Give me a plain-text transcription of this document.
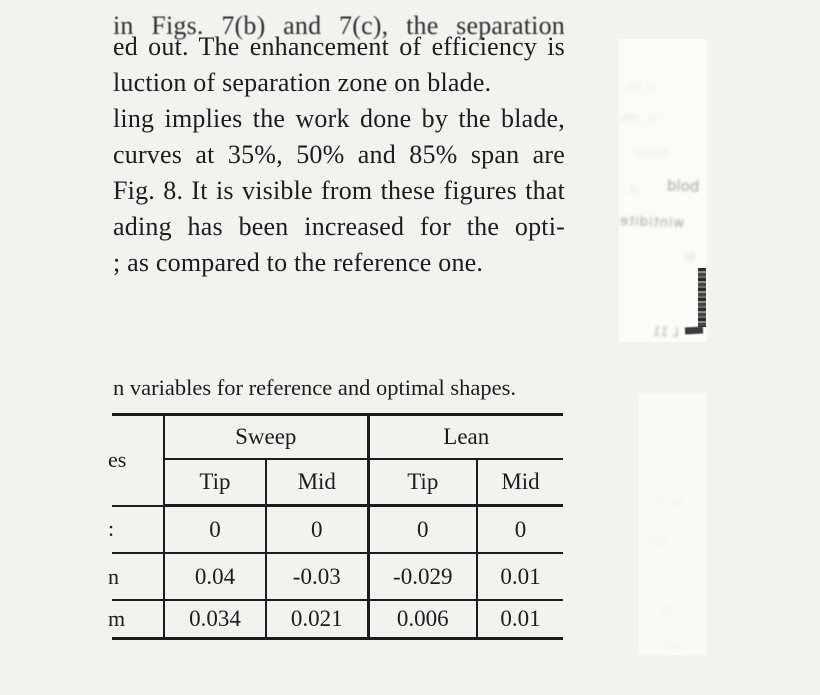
in Figs. 7(b) and 7(c), the separation
ed out. The enhancement of efficiency is
luction of separation zone on blade.
ling implies the work done by the blade,
curves at 35%, 50% and 85% span are
Fig. 8. It is visible from these figures that
ading has been increased for the opti-
; as compared to the reference one.
n variables for reference and optimal shapes.
es	Sweep		Lean	
	Tip	Mid	Tip	Mid
:	0	0	0	0
n	0.04	-0.03	-0.029	0.01
m	0.034	0.021	0.006	0.01
c rn
= ,rw
zcnv
u . bold
wintidite
9/
L 11
iu m
zs~
lk
nvl
